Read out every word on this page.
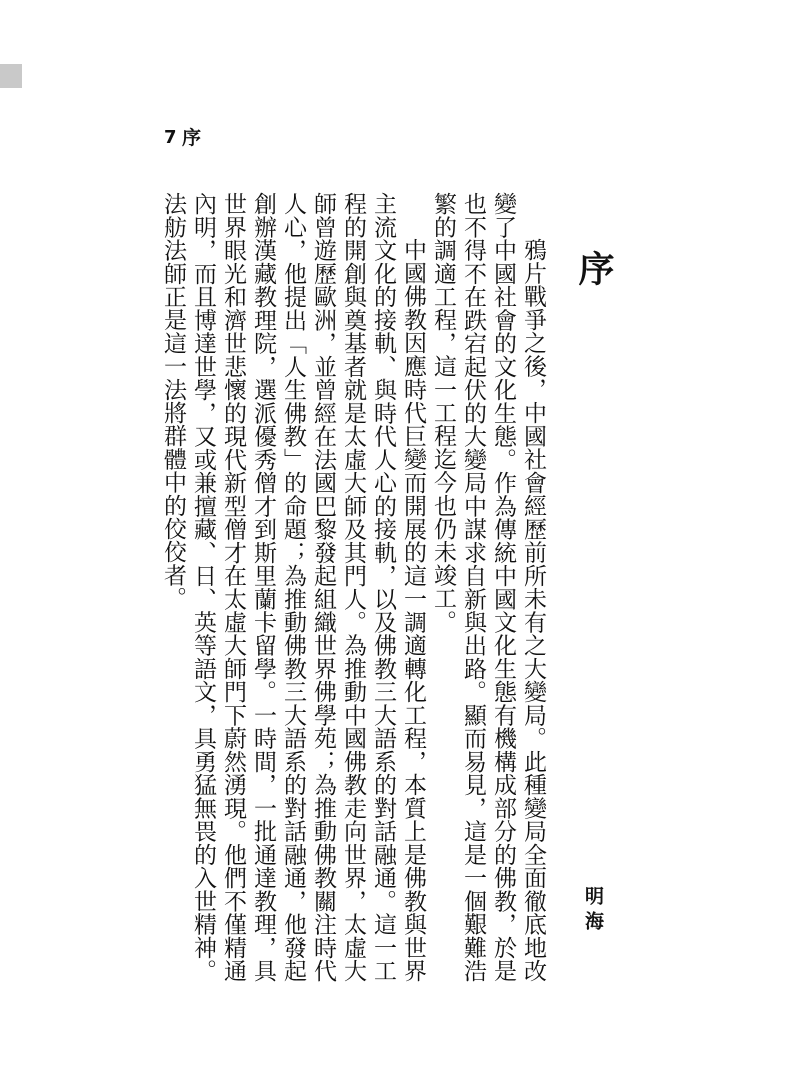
7 序
序
明海

鴉片戰爭之後，中國社會經歷前所未有之大變局。此種變局全面徹底地改變了中國社會的文化生態。作為傳統中國文化生態有機構成部分的佛教，於是也不得不在跌宕起伏的大變局中謀求自新與出路。顯而易見，這是一個艱難浩繁的調適工程，這一工程迄今也仍未竣工。

中國佛教因應時代巨變而開展的這一調適轉化工程，本質上是佛教與世界主流文化的接軌、與時代人心的接軌，以及佛教三大語系的對話融通。這一工程的開創與奠基者就是太虛大師及其門人。為推動中國佛教走向世界，太虛大師曾遊歷歐洲，並曾經在法國巴黎發起組織世界佛學苑；為推動佛教關注時代人心，他提出「人生佛教」的命題；為推動佛教三大語系的對話融通，他發起創辦漢藏教理院，選派優秀僧才到斯里蘭卡留學。一時間，一批通達教理，具世界眼光和濟世悲懷的現代新型僧才在太虛大師門下蔚然湧現。他們不僅精通內明，而且博達世學，又或兼擅藏、日、英等語文，具勇猛無畏的入世精神。法舫法師正是這一法將群體中的佼佼者。
